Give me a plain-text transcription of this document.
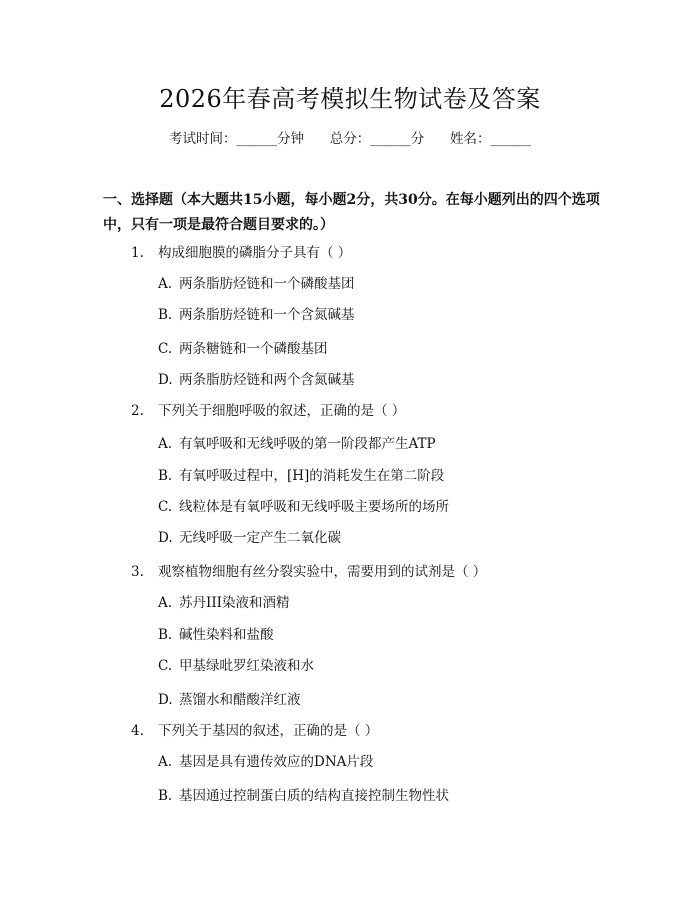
2026年春高考模拟生物试卷及答案
考试时间：______分钟      总分：______分      姓名：______
一、选择题（本大题共15小题，每小题2分，共30分。在每小题列出的四个选项中，只有一项是最符合题目要求的。）
1. 构成细胞膜的磷脂分子具有（ ）
A. 两条脂肪烃链和一个磷酸基团
B. 两条脂肪烃链和一个含氮碱基
C. 两条糖链和一个磷酸基团
D. 两条脂肪烃链和两个含氮碱基
2. 下列关于细胞呼吸的叙述，正确的是（ ）
A. 有氧呼吸和无线呼吸的第一阶段都产生ATP
B. 有氧呼吸过程中，[H]的消耗发生在第二阶段
C. 线粒体是有氧呼吸和无线呼吸主要场所的场所
D. 无线呼吸一定产生二氧化碳
3. 观察植物细胞有丝分裂实验中，需要用到的试剂是（ ）
A. 苏丹III染液和酒精
B. 碱性染料和盐酸
C. 甲基绿吡罗红染液和水
D. 蒸馏水和醋酸洋红液
4. 下列关于基因的叙述，正确的是（ ）
A. 基因是具有遗传效应的DNA片段
B. 基因通过控制蛋白质的结构直接控制生物性状
